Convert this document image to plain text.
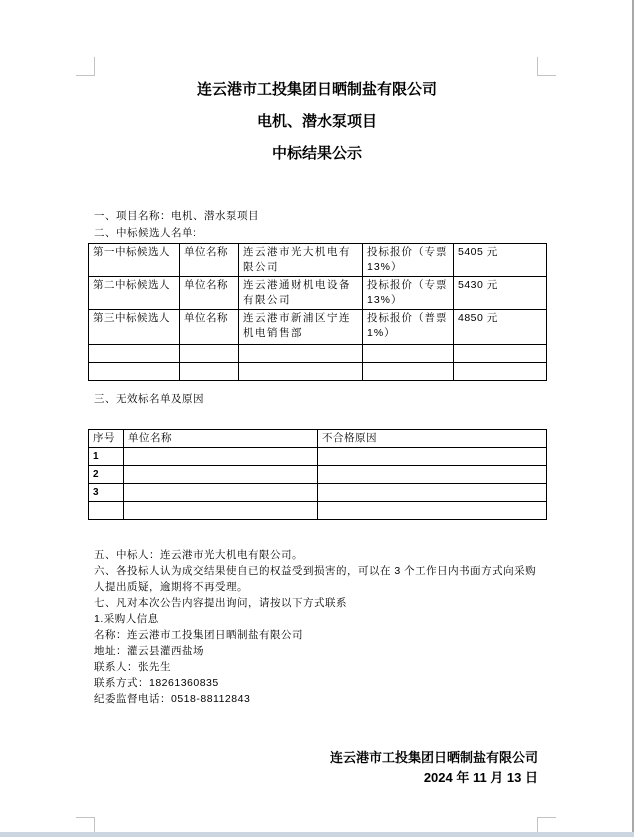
连云港市工投集团日晒制盐有限公司
电机、潜水泵项目
中标结果公示
一、项目名称：电机、潜水泵项目
二、中标候选人名单:
第一中标候选人	单位名称	连云港市光大机电有限公司	投标报价（专票13%）	5405 元
第二中标候选人	单位名称	连云港通财机电设备有限公司	投标报价（专票13%）	5430 元
第三中标候选人	单位名称	连云港市新浦区宁连机电销售部	投标报价（普票1%）	4850 元

三、无效标名单及原因
序号	单位名称	不合格原因
1		
2		
3		

五、中标人：连云港市光大机电有限公司。
六、各投标人认为成交结果使自已的权益受到损害的，可以在 3 个工作日内书面方式向采购人提出质疑，逾期将不再受理。
七、凡对本次公告内容提出询问，请按以下方式联系
1.采购人信息
名称：连云港市工投集团日晒制盐有限公司
地址：灌云县灌西盐场
联系人：张先生
联系方式：18261360835
纪委监督电话：0518-88112843
连云港市工投集团日晒制盐有限公司
2024 年 11 月 13 日
